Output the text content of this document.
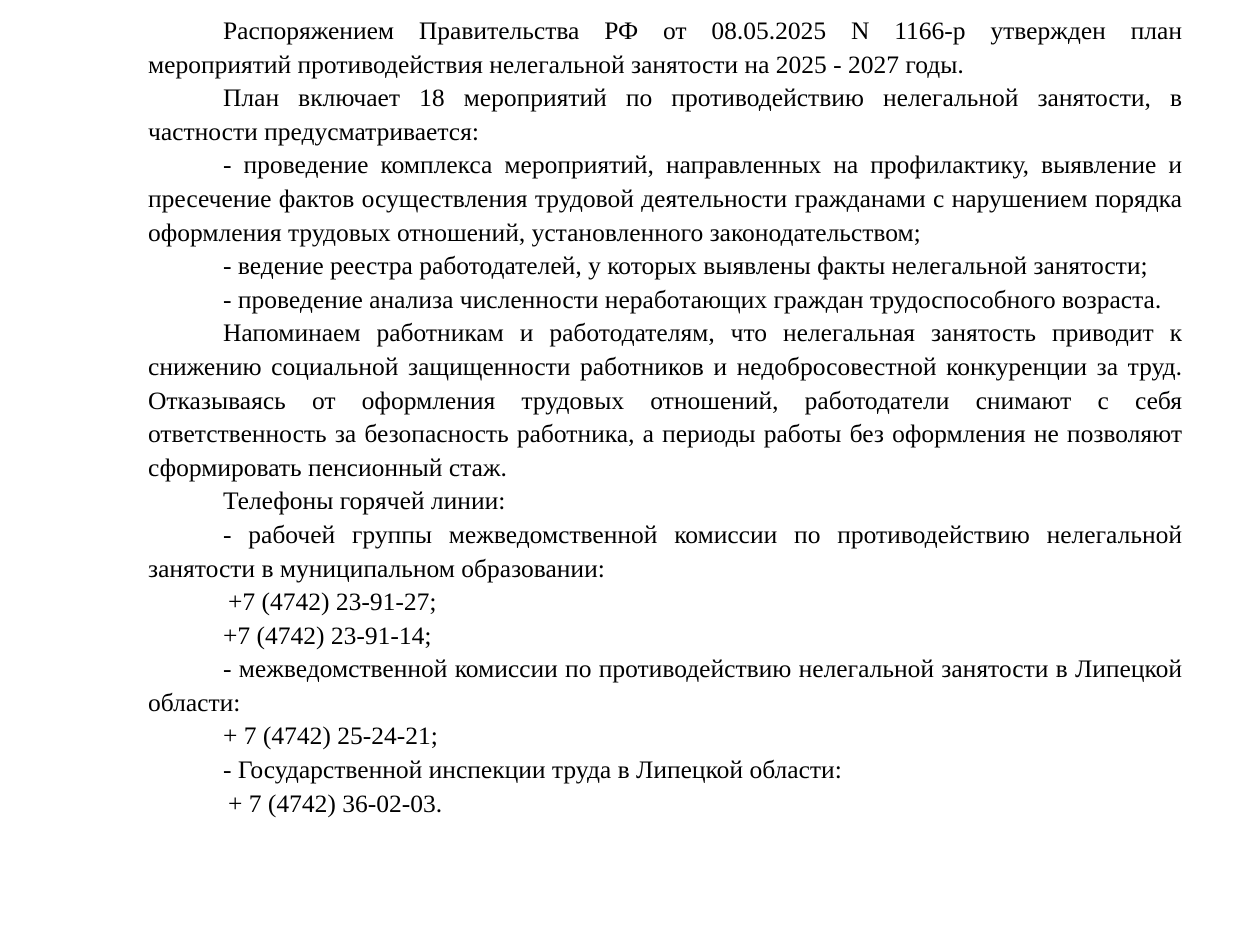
Распоряжением Правительства РФ от 08.05.2025 N 1166-р утвержден план мероприятий противодействия нелегальной занятости на 2025 - 2027 годы.

План включает 18 мероприятий по противодействию нелегальной занятости, в частности предусматривается:

- проведение комплекса мероприятий, направленных на профилактику, выявление и пресечение фактов осуществления трудовой деятельности гражданами с нарушением порядка оформления трудовых отношений, установленного законодательством;

- ведение реестра работодателей, у которых выявлены факты нелегальной занятости;

- проведение анализа численности неработающих граждан трудоспособного возраста.

Напоминаем работникам и работодателям, что нелегальная занятость приводит к снижению социальной защищенности работников и недобросовестной конкуренции за труд. Отказываясь от оформления трудовых отношений, работодатели снимают с себя ответственность за безопасность работника, а периоды работы без оформления не позволяют сформировать пенсионный стаж.

Телефоны горячей линии:

- рабочей группы межведомственной комиссии по противодействию нелегальной занятости в муниципальном образовании:

+7 (4742) 23-91-27;

+7 (4742) 23-91-14;

- межведомственной комиссии по противодействию нелегальной занятости в Липецкой области:

+ 7 (4742) 25-24-21;

- Государственной инспекции труда в Липецкой области:

+ 7 (4742) 36-02-03.
